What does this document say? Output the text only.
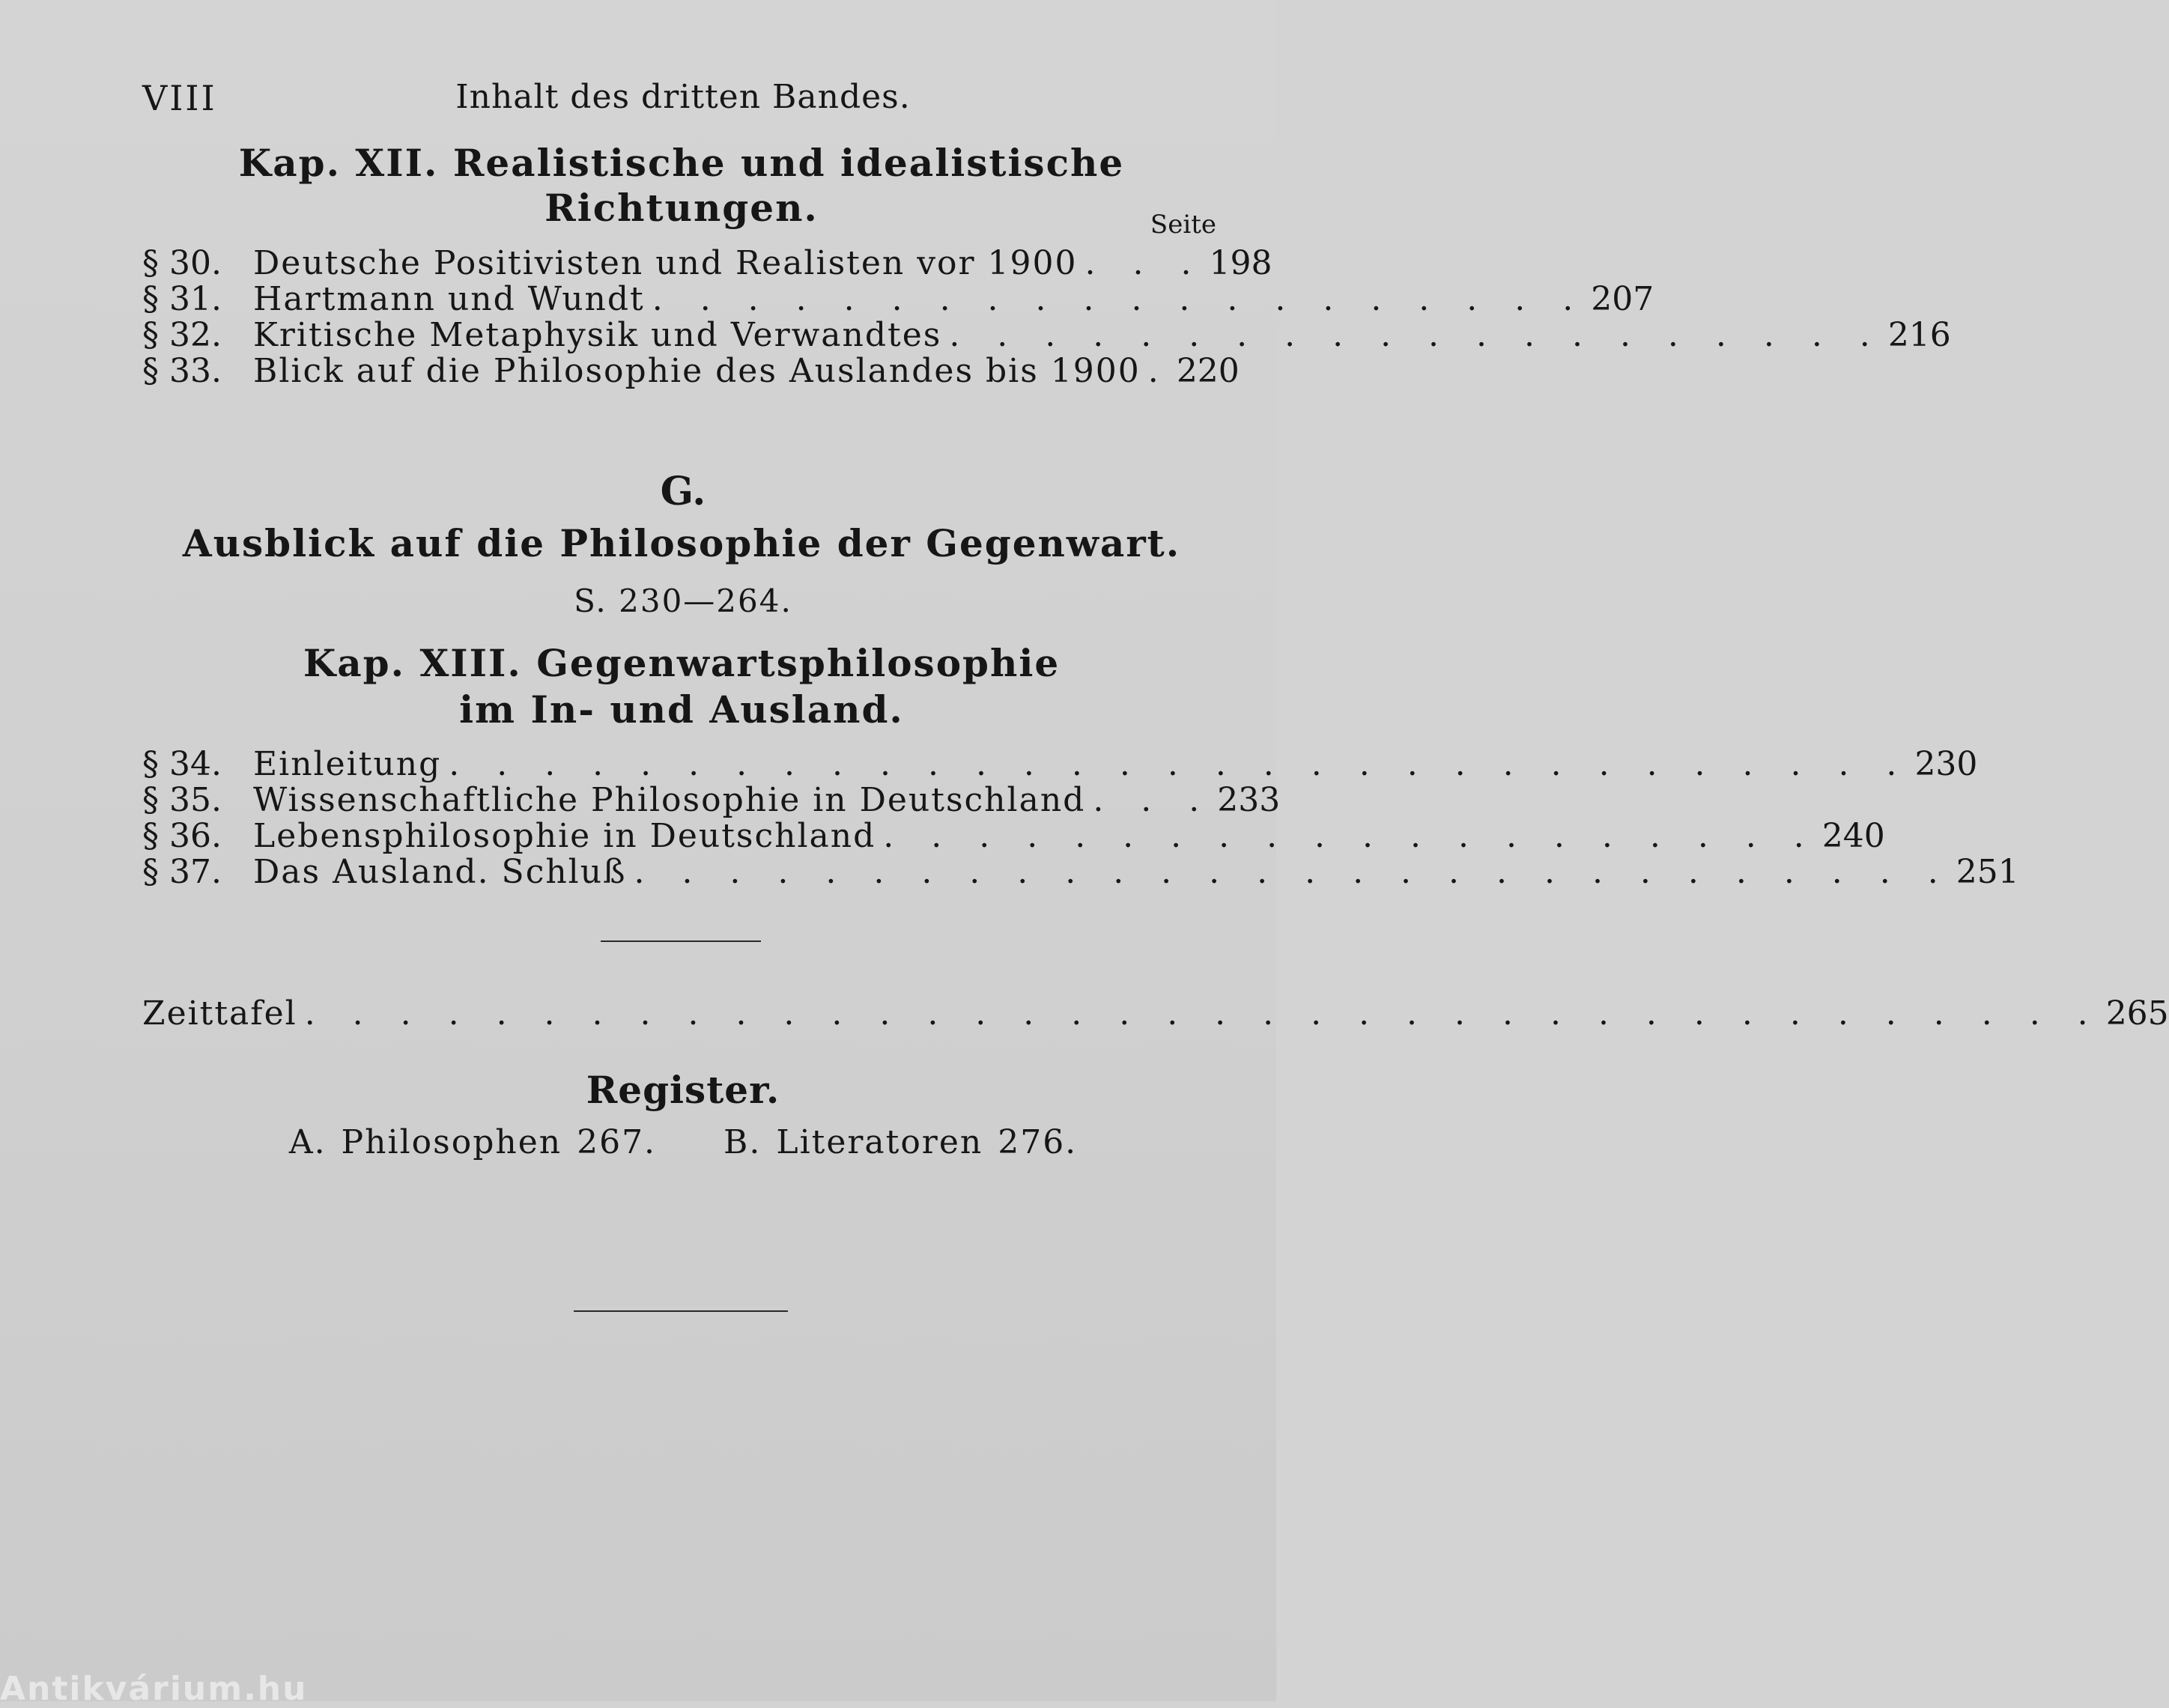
VIII	Inhalt des dritten Bandes.
Kap. XII. Realistische und idealistische
Richtungen.	Seite
§ 30. Deutsche Positivisten und Realisten vor 1900 . . . 198
§ 31. Hartmann und Wundt . . . . . . . . . . . . . . . . . . . . 207
§ 32. Kritische Metaphysik und Verwandtes . . . . . . . . . . . . . . . . . . . . 216
§ 33. Blick auf die Philosophie des Auslandes bis 1900 . 220
G.
Ausblick auf die Philosophie der Gegenwart.
S. 230—264.
Kap. XIII. Gegenwartsphilosophie
im In- und Ausland.
§ 34. Einleitung . . . . . . . . . . . . . . . . . . . . . . . . . . . . . . . 230
§ 35. Wissenschaftliche Philosophie in Deutschland . . . 233
§ 36. Lebensphilosophie in Deutschland . . . . . . . . . . . . . . . . . . . . 240
§ 37. Das Ausland. Schluß . . . . . . . . . . . . . . . . . . . . . . . . . . . . 251
Zeittafel . . . . . . . . . . . . . . . . . . . . . . . . . . . . . . . . . . . . . . 265
Register.
A. Philosophen 267. B. Literatoren 276.
Antikvárium.hu
